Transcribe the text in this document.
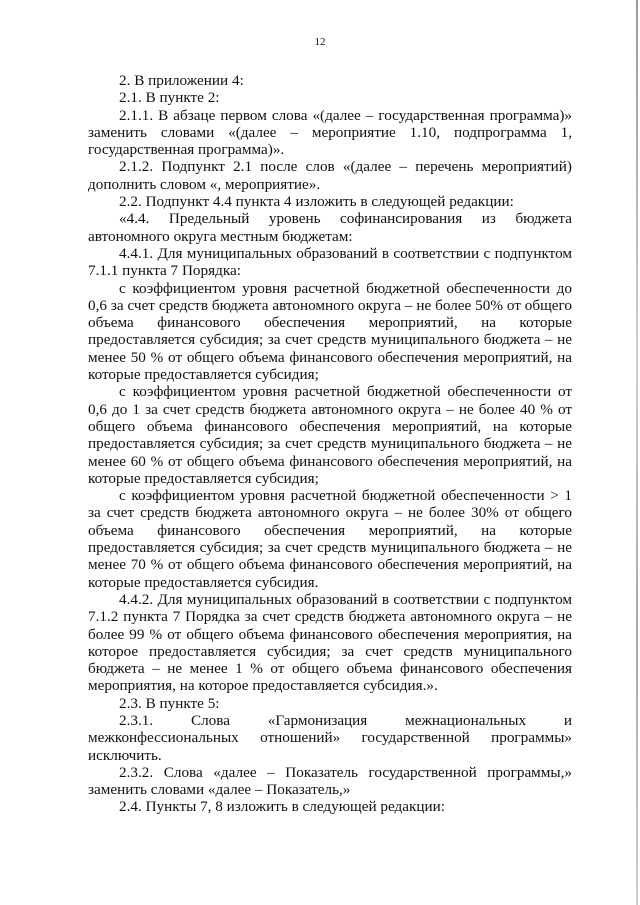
12

2. В приложении 4:

2.1. В пункте 2:

2.1.1. В абзаце первом слова «(далее – государственная программа)» заменить словами «(далее – мероприятие 1.10, подпрограмма 1, государственная программа)».

2.1.2. Подпункт 2.1 после слов «(далее – перечень мероприятий) дополнить словом «, мероприятие».

2.2. Подпункт 4.4 пункта 4 изложить в следующей редакции:

«4.4. Предельный уровень софинансирования из бюджета автономного округа местным бюджетам:

4.4.1. Для муниципальных образований в соответствии с подпунктом 7.1.1 пункта 7 Порядка:

с коэффициентом уровня расчетной бюджетной обеспеченности до 0,6 за счет средств бюджета автономного округа – не более 50% от общего объема финансового обеспечения мероприятий, на которые предоставляется субсидия; за счет средств муниципального бюджета – не менее 50 % от общего объема финансового обеспечения мероприятий, на которые предоставляется субсидия;

с коэффициентом уровня расчетной бюджетной обеспеченности от 0,6 до 1 за счет средств бюджета автономного округа – не более 40 % от общего объема финансового обеспечения мероприятий, на которые предоставляется субсидия; за счет средств муниципального бюджета – не менее 60 % от общего объема финансового обеспечения мероприятий, на которые предоставляется субсидия;

с коэффициентом уровня расчетной бюджетной обеспеченности > 1 за счет средств бюджета автономного округа – не более 30% от общего объема финансового обеспечения мероприятий, на которые предоставляется субсидия; за счет средств муниципального бюджета – не менее 70 % от общего объема финансового обеспечения мероприятий, на которые предоставляется субсидия.

4.4.2. Для муниципальных образований в соответствии с подпунктом 7.1.2 пункта 7 Порядка за счет средств бюджета автономного округа – не более 99 % от общего объема финансового обеспечения мероприятия, на которое предоставляется субсидия; за счет средств муниципального бюджета – не менее 1 % от общего объема финансового обеспечения мероприятия, на которое предоставляется субсидия.».

2.3. В пункте 5:

2.3.1. Слова «Гармонизация межнациональных и межконфессиональных отношений» государственной программы» исключить.

2.3.2. Слова «далее – Показатель государственной программы,» заменить словами «далее – Показатель,»

2.4. Пункты 7, 8 изложить в следующей редакции:
